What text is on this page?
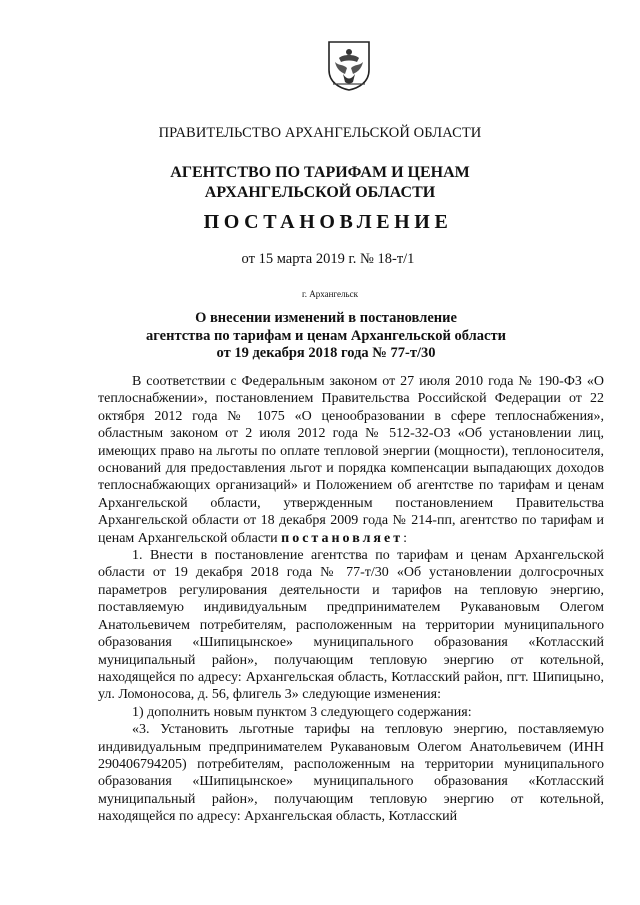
ПРАВИТЕЛЬСТВО АРХАНГЕЛЬСКОЙ ОБЛАСТИ
АГЕНТСТВО ПО ТАРИФАМ И ЦЕНАМ
АРХАНГЕЛЬСКОЙ ОБЛАСТИ
ПОСТАНОВЛЕНИЕ
от 15 марта 2019 г. № 18-т/1
г. Архангельск
О внесении изменений в постановление
агентства по тарифам и ценам Архангельской области
от 19 декабря 2018 года № 77-т/30

В соответствии с Федеральным законом от 27 июля 2010 года № 190-ФЗ «О теплоснабжении», постановлением Правительства Российской Федерации от 22 октября 2012 года № 1075 «О ценообразовании в сфере теплоснабжения», областным законом от 2 июля 2012 года № 512-32-ОЗ «Об установлении лиц, имеющих право на льготы по оплате тепловой энергии (мощности), теплоносителя, оснований для предоставления льгот и порядка компенсации выпадающих доходов теплоснабжающих организаций» и Положением об агентстве по тарифам и ценам Архангельской области, утвержденным постановлением Правительства Архангельской области от 18 декабря 2009 года № 214-пп, агентство по тарифам и ценам Архангельской области постановляет:

1. Внести в постановление агентства по тарифам и ценам Архангельской области от 19 декабря 2018 года № 77-т/30 «Об установлении долгосрочных параметров регулирования деятельности и тарифов на тепловую энергию, поставляемую индивидуальным предпринимателем Рукавановым Олегом Анатольевичем потребителям, расположенным на территории муниципального образования «Шипицынское» муниципального образования «Котласский муниципальный район», получающим тепловую энергию от котельной, находящейся по адресу: Архангельская область, Котласский район, пгт. Шипицыно, ул. Ломоносова, д. 56, флигель 3» следующие изменения:

1) дополнить новым пунктом 3 следующего содержания:

«3. Установить льготные тарифы на тепловую энергию, поставляемую индивидуальным предпринимателем Рукавановым Олегом Анатольевичем (ИНН 290406794205) потребителям, расположенным на территории муниципального образования «Шипицынское» муниципального образования «Котласский муниципальный район», получающим тепловую энергию от котельной, находящейся по адресу: Архангельская область, Котласский
